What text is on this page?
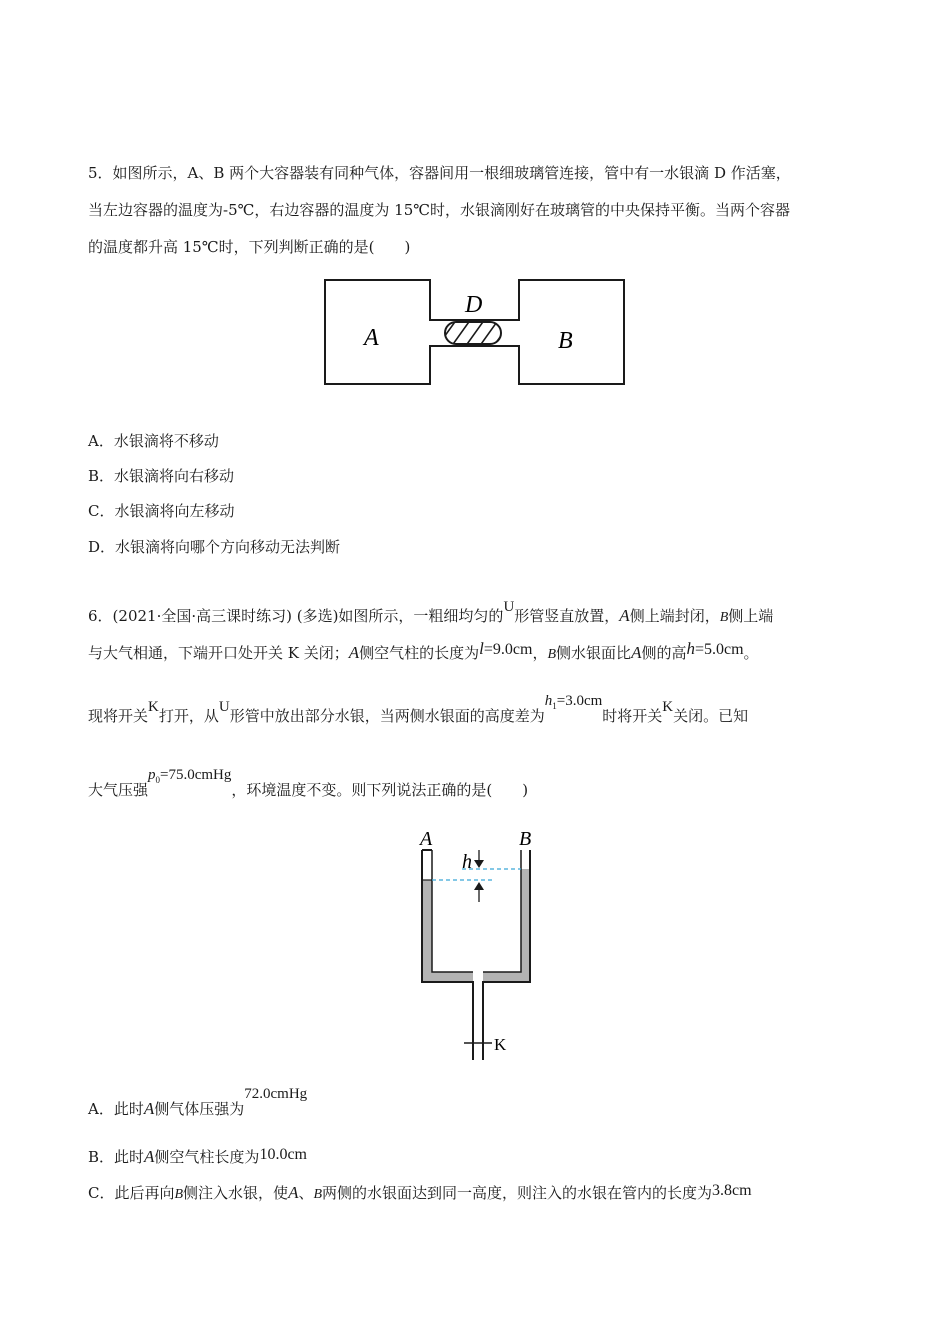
5．如图所示，A、B 两个大容器装有同种气体，容器间用一根细玻璃管连接，管中有一水银滴 D 作活塞，
当左边容器的温度为-5℃，右边容器的温度为 15℃时，水银滴刚好在玻璃管的中央保持平衡。当两个容器
的温度都升高 15℃时，下列判断正确的是(　　)
A
D
B
A．水银滴将不移动
B．水银滴将向右移动
C．水银滴将向左移动
D．水银滴将向哪个方向移动无法判断
6．(2021·全国·高三课时练习) (多选)如图所示，一粗细均匀的U形管竖直放置，A侧上端封闭，B侧上端
与大气相通，下端开口处开关 K 关闭；A侧空气柱的长度为l=9.0cm，B侧水银面比A侧的高h=5.0cm。
现将开关K打开，从U形管中放出部分水银，当两侧水银面的高度差为$h_1=3.0cm$时将开关K关闭。已知
大气压强$p_0=75.0cmHg$，环境温度不变。则下列说法正确的是(　　)
A	B
h
K
A．此时A侧气体压强为72.0cmHg
B．此时A侧空气柱长度为10.0cm
C．此后再向B侧注入水银，使A、B两侧的水银面达到同一高度，则注入的水银在管内的长度为3.8cm
